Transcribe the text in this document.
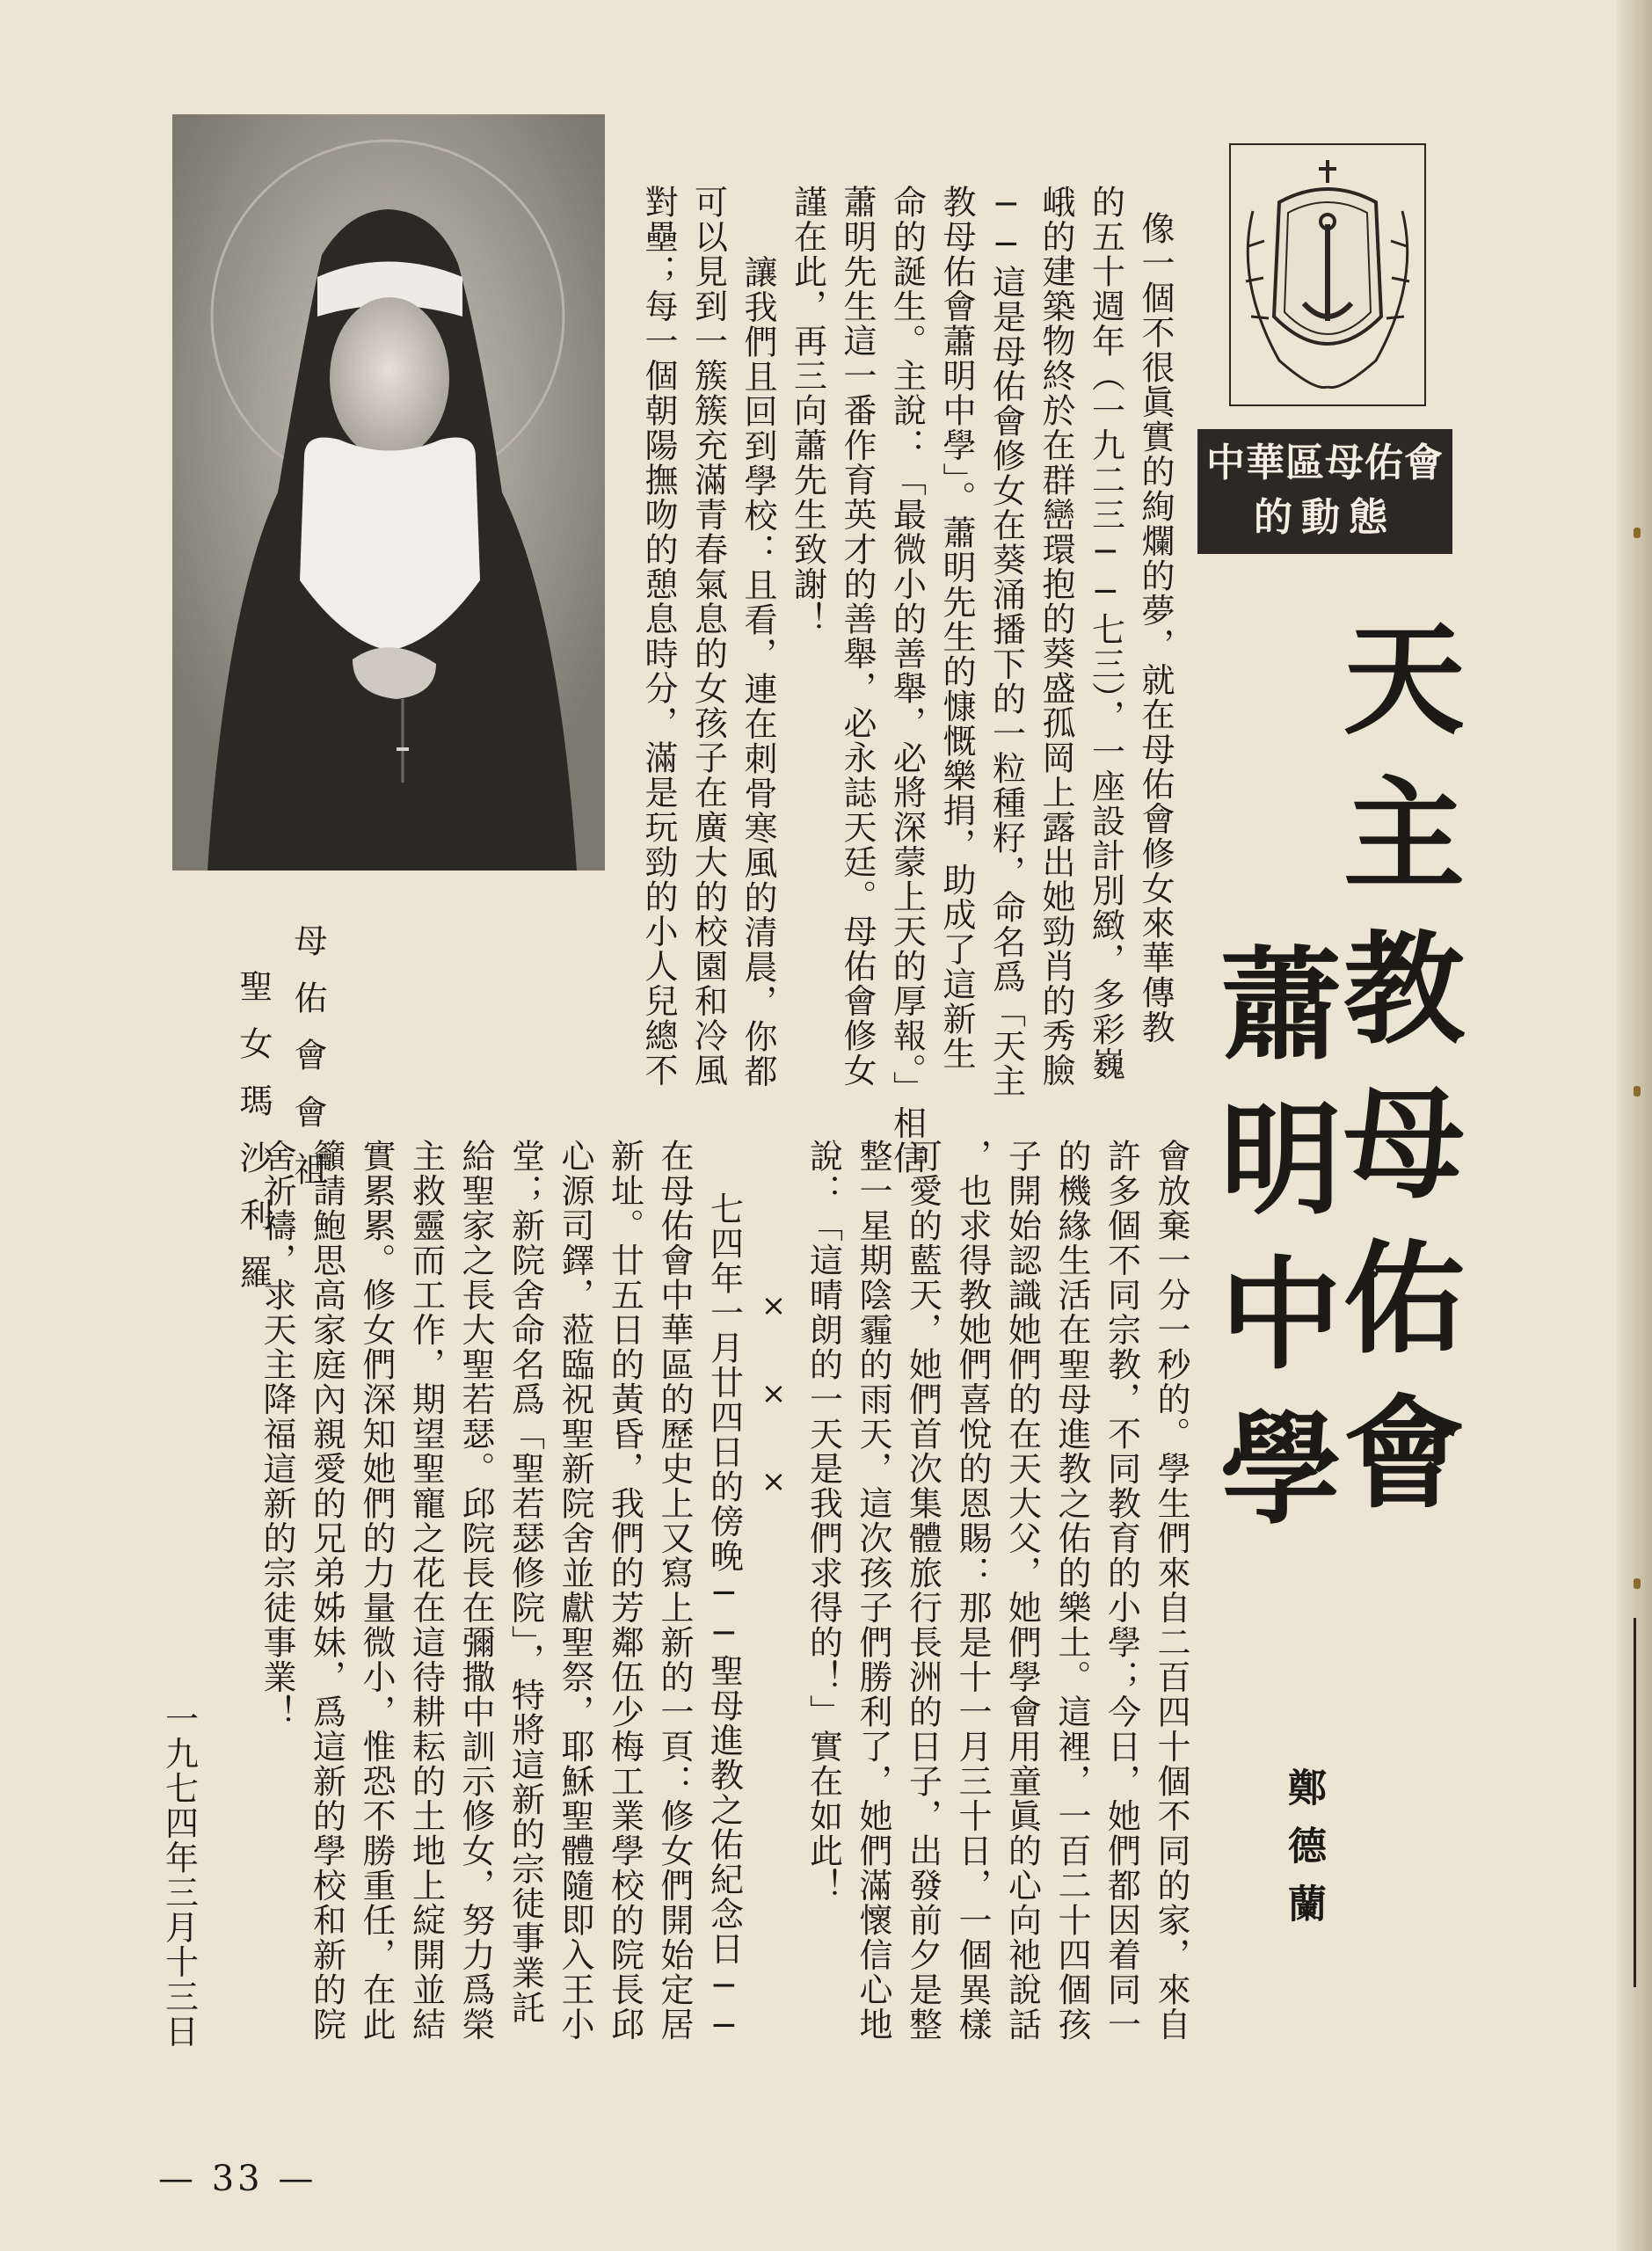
中華區母佑會
的動態
天主教母佑會
蕭明中學
鄭德蘭

像一個不很眞實的絢爛的夢，就在母佑會修女來華傳教

的五十週年（一九二三──七三），一座設計別緻，多彩巍

峨的建築物終於在群巒環抱的葵盛孤岡上露出她勁肖的秀臉

──這是母佑會修女在葵涌播下的一粒種籽，命名爲「天主

教母佑會蕭明中學」。蕭明先生的慷慨樂捐，助成了這新生

命的誕生。主說：「最微小的善舉，必將深蒙上天的厚報。」相信

蕭明先生這一番作育英才的善舉，必永誌天廷。母佑會修女

謹在此，再三向蕭先生致謝！

讓我們且回到學校：且看，連在刺骨寒風的清晨，你都

可以見到一簇簇充滿青春氣息的女孩子在廣大的校園和冷風

對壘；每一個朝陽撫吻的憩息時分，滿是玩勁的小人兒總不

母佑會會祖
聖女瑪沙利羅	會放棄一分一秒的。學生們來自二百四十個不同的家，來自

許多個不同宗教，不同教育的小學；今日，她們都因着同一

的機緣生活在聖母進教之佑的樂土。這裡，一百二十四個孩

子開始認識她們的在天大父，她們學會用童眞的心向祂說話

，也求得教她們喜悅的恩賜：那是十一月三十日，一個異樣

可愛的藍天，她們首次集體旅行長洲的日子，出發前夕是整

整一星期陰霾的雨天，這次孩子們勝利了，她們滿懷信心地

說：「這晴朗的一天是我們求得的！」實在如此！

×××

七四年一月廿四日的傍晚──聖母進教之佑紀念日──

在母佑會中華區的歷史上又寫上新的一頁：修女們開始定居

新址。廿五日的黃昏，我們的芳鄰伍少梅工業學校的院長邱

心源司鐸，蒞臨祝聖新院舍並獻聖祭，耶穌聖體隨即入王小

堂；新院舍命名爲「聖若瑟修院」，特將這新的宗徒事業託

給聖家之長大聖若瑟。邱院長在彌撒中訓示修女，努力爲榮

主救靈而工作，期望聖寵之花在這待耕耘的土地上綻開並結

實累累。修女們深知她們的力量微小，惟恐不勝重任，在此

籲請鮑思高家庭內親愛的兄弟姊妹，爲這新的學校和新的院

舍祈禱，求天主降福這新的宗徒事業！

一九七四年三月十三日
— 33 —
